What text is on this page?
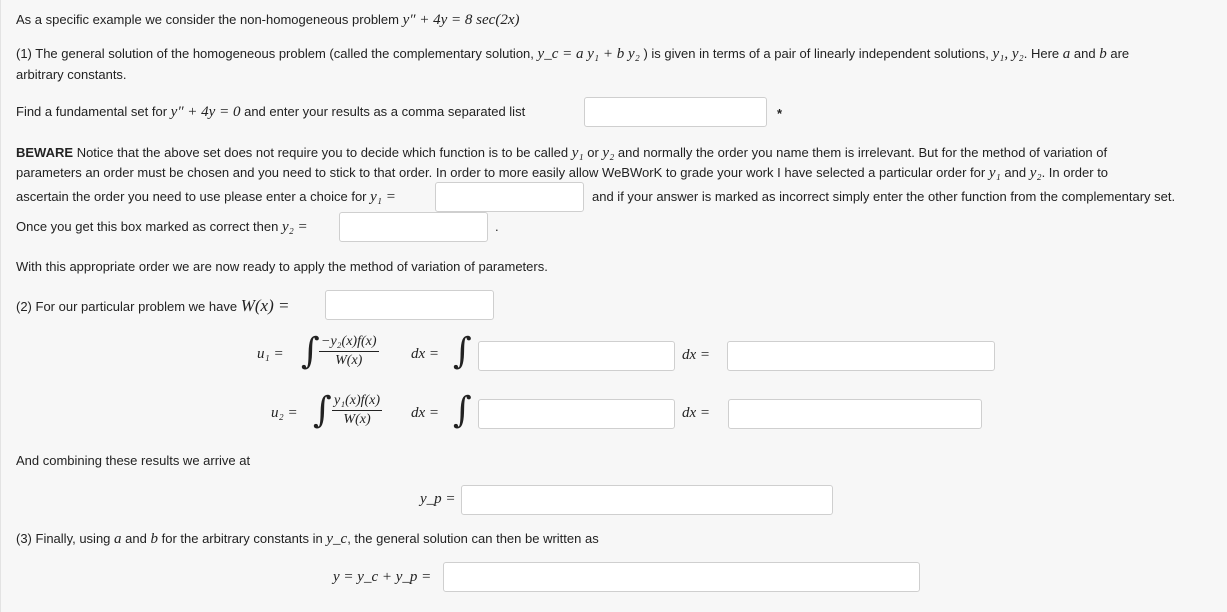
As a specific example we consider the non-homogeneous problem y″ + 4y = 8 sec(2x)
(1) The general solution of the homogeneous problem (called the complementary solution, y_c = a y₁ + b y₂ ) is given in terms of a pair of linearly independent solutions, y₁, y₂. Here a and b are
arbitrary constants.
Find a fundamental set for y″ + 4y = 0 and enter your results as a comma separated list	*
BEWARE Notice that the above set does not require you to decide which function is to be called y₁ or y₂ and normally the order you name them is irrelevant. But for the method of variation of
parameters an order must be chosen and you need to stick to that order. In order to more easily allow WeBWorK to grade your work I have selected a particular order for y₁ and y₂. In order to
ascertain the order you need to use please enter a choice for y₁ =	and if your answer is marked as incorrect simply enter the other function from the complementary set.
Once you get this box marked as correct then y₂ =	.
With this appropriate order we are now ready to apply the method of variation of parameters.
(2) For our particular problem we have W(x) =
u₁ = ∫ $\frac{\text{−y₂(x)f(x)}}{W(x)}$ dx = ∫	dx =
u₂ = ∫ $\frac{\text{y₁(x)f(x)}}{W(x)}$ dx = ∫	dx =
And combining these results we arrive at
y_p =
(3) Finally, using a and b for the arbitrary constants in y_c, the general solution can then be written as
y = y_c + y_p =
